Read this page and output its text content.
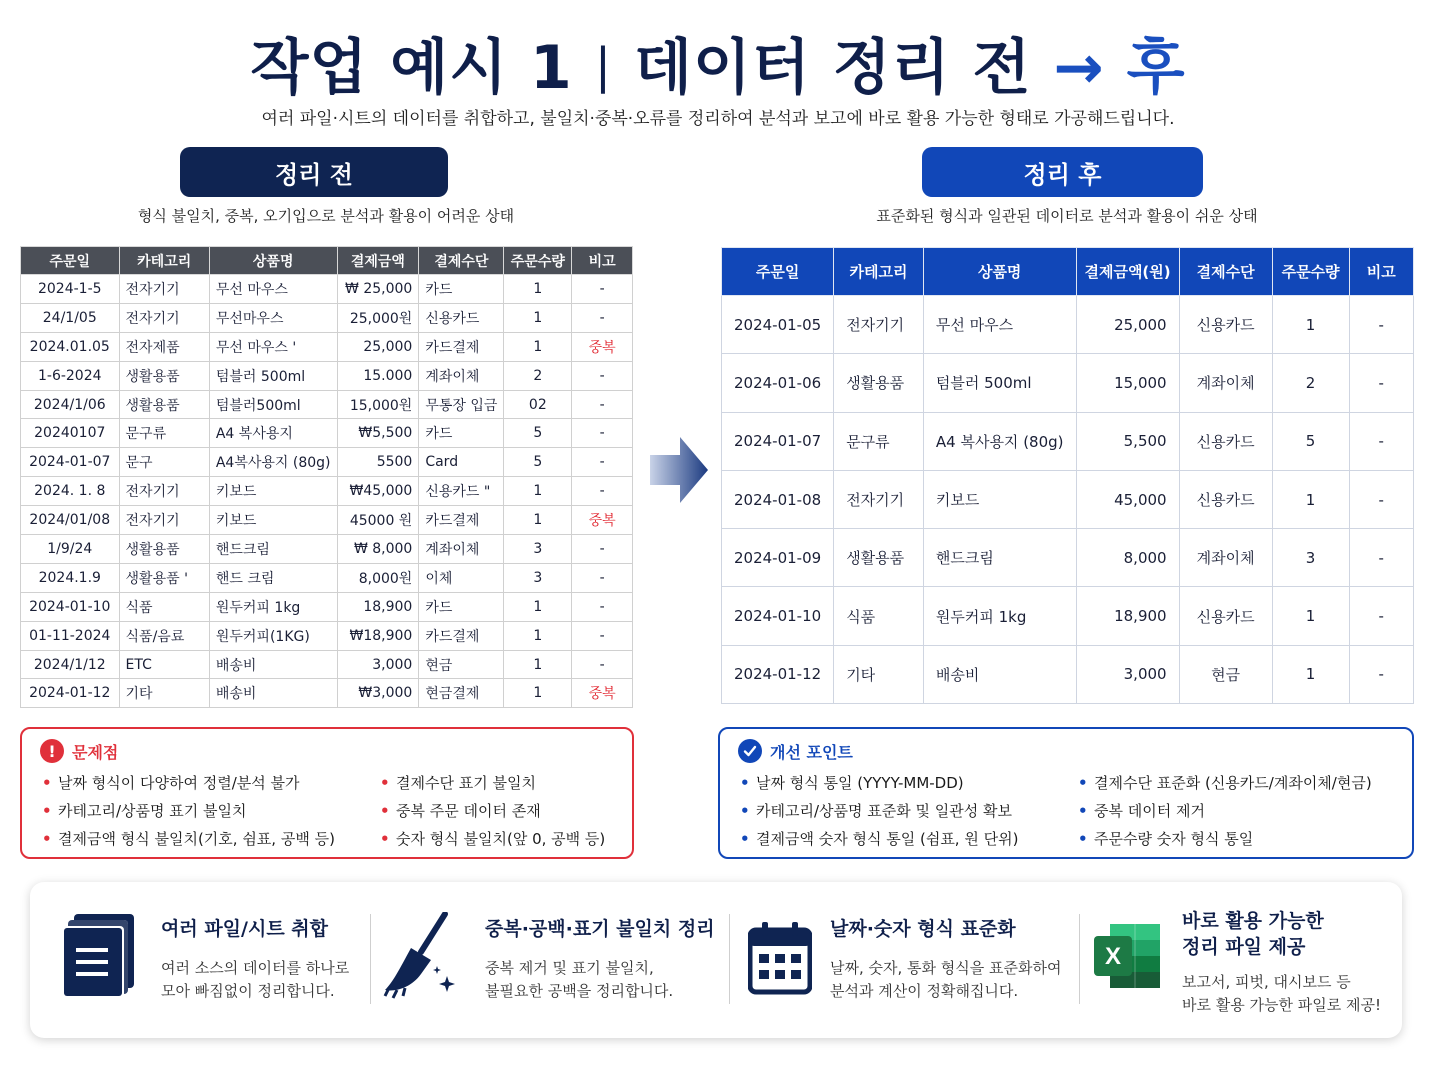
작업 예시 1 | 데이터 정리 전 → 후
여러 파일·시트의 데이터를 취합하고, 불일치·중복·오류를 정리하여 분석과 보고에 바로 활용 가능한 형태로 가공해드립니다.
정리 전	정리 후
형식 불일치, 중복, 오기입으로 분석과 활용이 어려운 상태	표준화된 형식과 일관된 데이터로 분석과 활용이 쉬운 상태
주문일	카테고리	상품명	결제금액	결제수단	주문수량	비고
2024-1-5	전자기기	무선 마우스	₩ 25,000	카드	1	-
24/1/05	전자기기	무선마우스	25,000원	신용카드	1	-
2024.01.05	전자제품	무선 마우스 '	25,000	카드결제	1	중복
1-6-2024	생활용품	텀블러 500ml	15.000	계좌이체	2	-
2024/1/06	생활용품	텀블러500ml	15,000원	무통장 입금	02	-
20240107	문구류	A4 복사용지	₩5,500	카드	5	-
2024-01-07	문구	A4복사용지 (80g)	5500	Card	5	-
2024. 1. 8	전자기기	키보드	₩45,000	신용카드 "	1	-
2024/01/08	전자기기	키보드	45000 원	카드결제	1	중복
1/9/24	생활용품	핸드크림	₩ 8,000	계좌이체	3	-
2024.1.9	생활용품 '	핸드 크림	8,000원	이체	3	-
2024-01-10	식품	원두커피 1kg	18,900	카드	1	-
01-11-2024	식품/음료	원두커피(1KG)	₩18,900	카드결제	1	-
2024/1/12	ETC	배송비	3,000	현금	1	-
2024-01-12	기타	배송비	₩3,000	현금결제	1	중복
주문일	카테고리	상품명	결제금액(원)	결제수단	주문수량	비고
2024-01-05	전자기기	무선 마우스	25,000	신용카드	1	-
2024-01-06	생활용품	텀블러 500ml	15,000	계좌이체	2	-
2024-01-07	문구류	A4 복사용지 (80g)	5,500	신용카드	5	-
2024-01-08	전자기기	키보드	45,000	신용카드	1	-
2024-01-09	생활용품	핸드크림	8,000	계좌이체	3	-
2024-01-10	식품	원두커피 1kg	18,900	신용카드	1	-
2024-01-12	기타	배송비	3,000	현금	1	-
!	문제점
• 날짜 형식이 다양하여 정렬/분석 불가
• 카테고리/상품명 표기 불일치
• 결제금액 형식 불일치(기호, 쉼표, 공백 등)
• 결제수단 표기 불일치
• 중복 주문 데이터 존재
• 숫자 형식 불일치(앞 0, 공백 등)
개선 포인트
• 날짜 형식 통일 (YYYY-MM-DD)
• 카테고리/상품명 표준화 및 일관성 확보
• 결제금액 숫자 형식 통일 (쉼표, 원 단위)
• 결제수단 표준화 (신용카드/계좌이체/현금)
• 중복 데이터 제거
• 주문수량 숫자 형식 통일
여러 파일/시트 취합

여러 소스의 데이터를 하나로

모아 빠짐없이 정리합니다.

중복·공백·표기 불일치 정리

중복 제거 및 표기 불일치,

불필요한 공백을 정리합니다.

날짜·숫자 형식 표준화

날짜, 숫자, 통화 형식을 표준화하여

분석과 계산이 정확해집니다.

X
바로 활용 가능한
정리 파일 제공

보고서, 피벗, 대시보드 등

바로 활용 가능한 파일로 제공!
